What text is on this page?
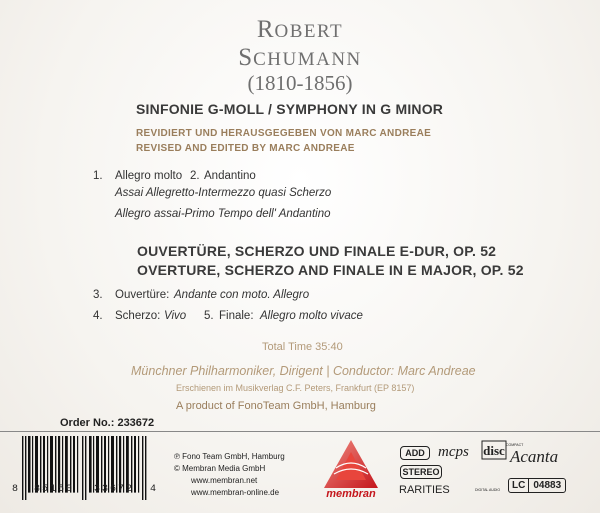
ROBERT
SCHUMANN
(1810-1856)
SINFONIE G-MOLL / SYMPHONY IN G MINOR
REVIDIERT UND HERAUSGEGEBEN VON MARC ANDREAE
REVISED AND EDITED BY MARC ANDREAE
1. Allegro molto 2. Andantino
Assai Allegretto-Intermezzo quasi Scherzo
Allegro assai-Primo Tempo dell' Andantino
OUVERTÜRE, SCHERZO UND FINALE E-DUR, OP. 52
OVERTURE, SCHERZO AND FINALE IN E MAJOR, OP. 52
3. Ouvertüre: Andante con moto. Allegro
4. Scherzo: Vivo 5. Finale: Allegro molto vivace
Total Time 35:40
Münchner Philharmoniker, Dirigent | Conductor: Marc Andreae
Erschienen im Musikverlag C.F. Peters, Frankfurt (EP 8157)
A product of FonoTeam GmbH, Hamburg
Order No.: 233672
8 85150 33672 4
℗ Fono Team GmbH, Hamburg
© Membran Media GmbH
www.membran.net
www.membran-online.de	membran
ADD
STEREO
RARITIES
mcps disc COMPACT
DIGITAL AUDIO
Acanta
LC 04883
